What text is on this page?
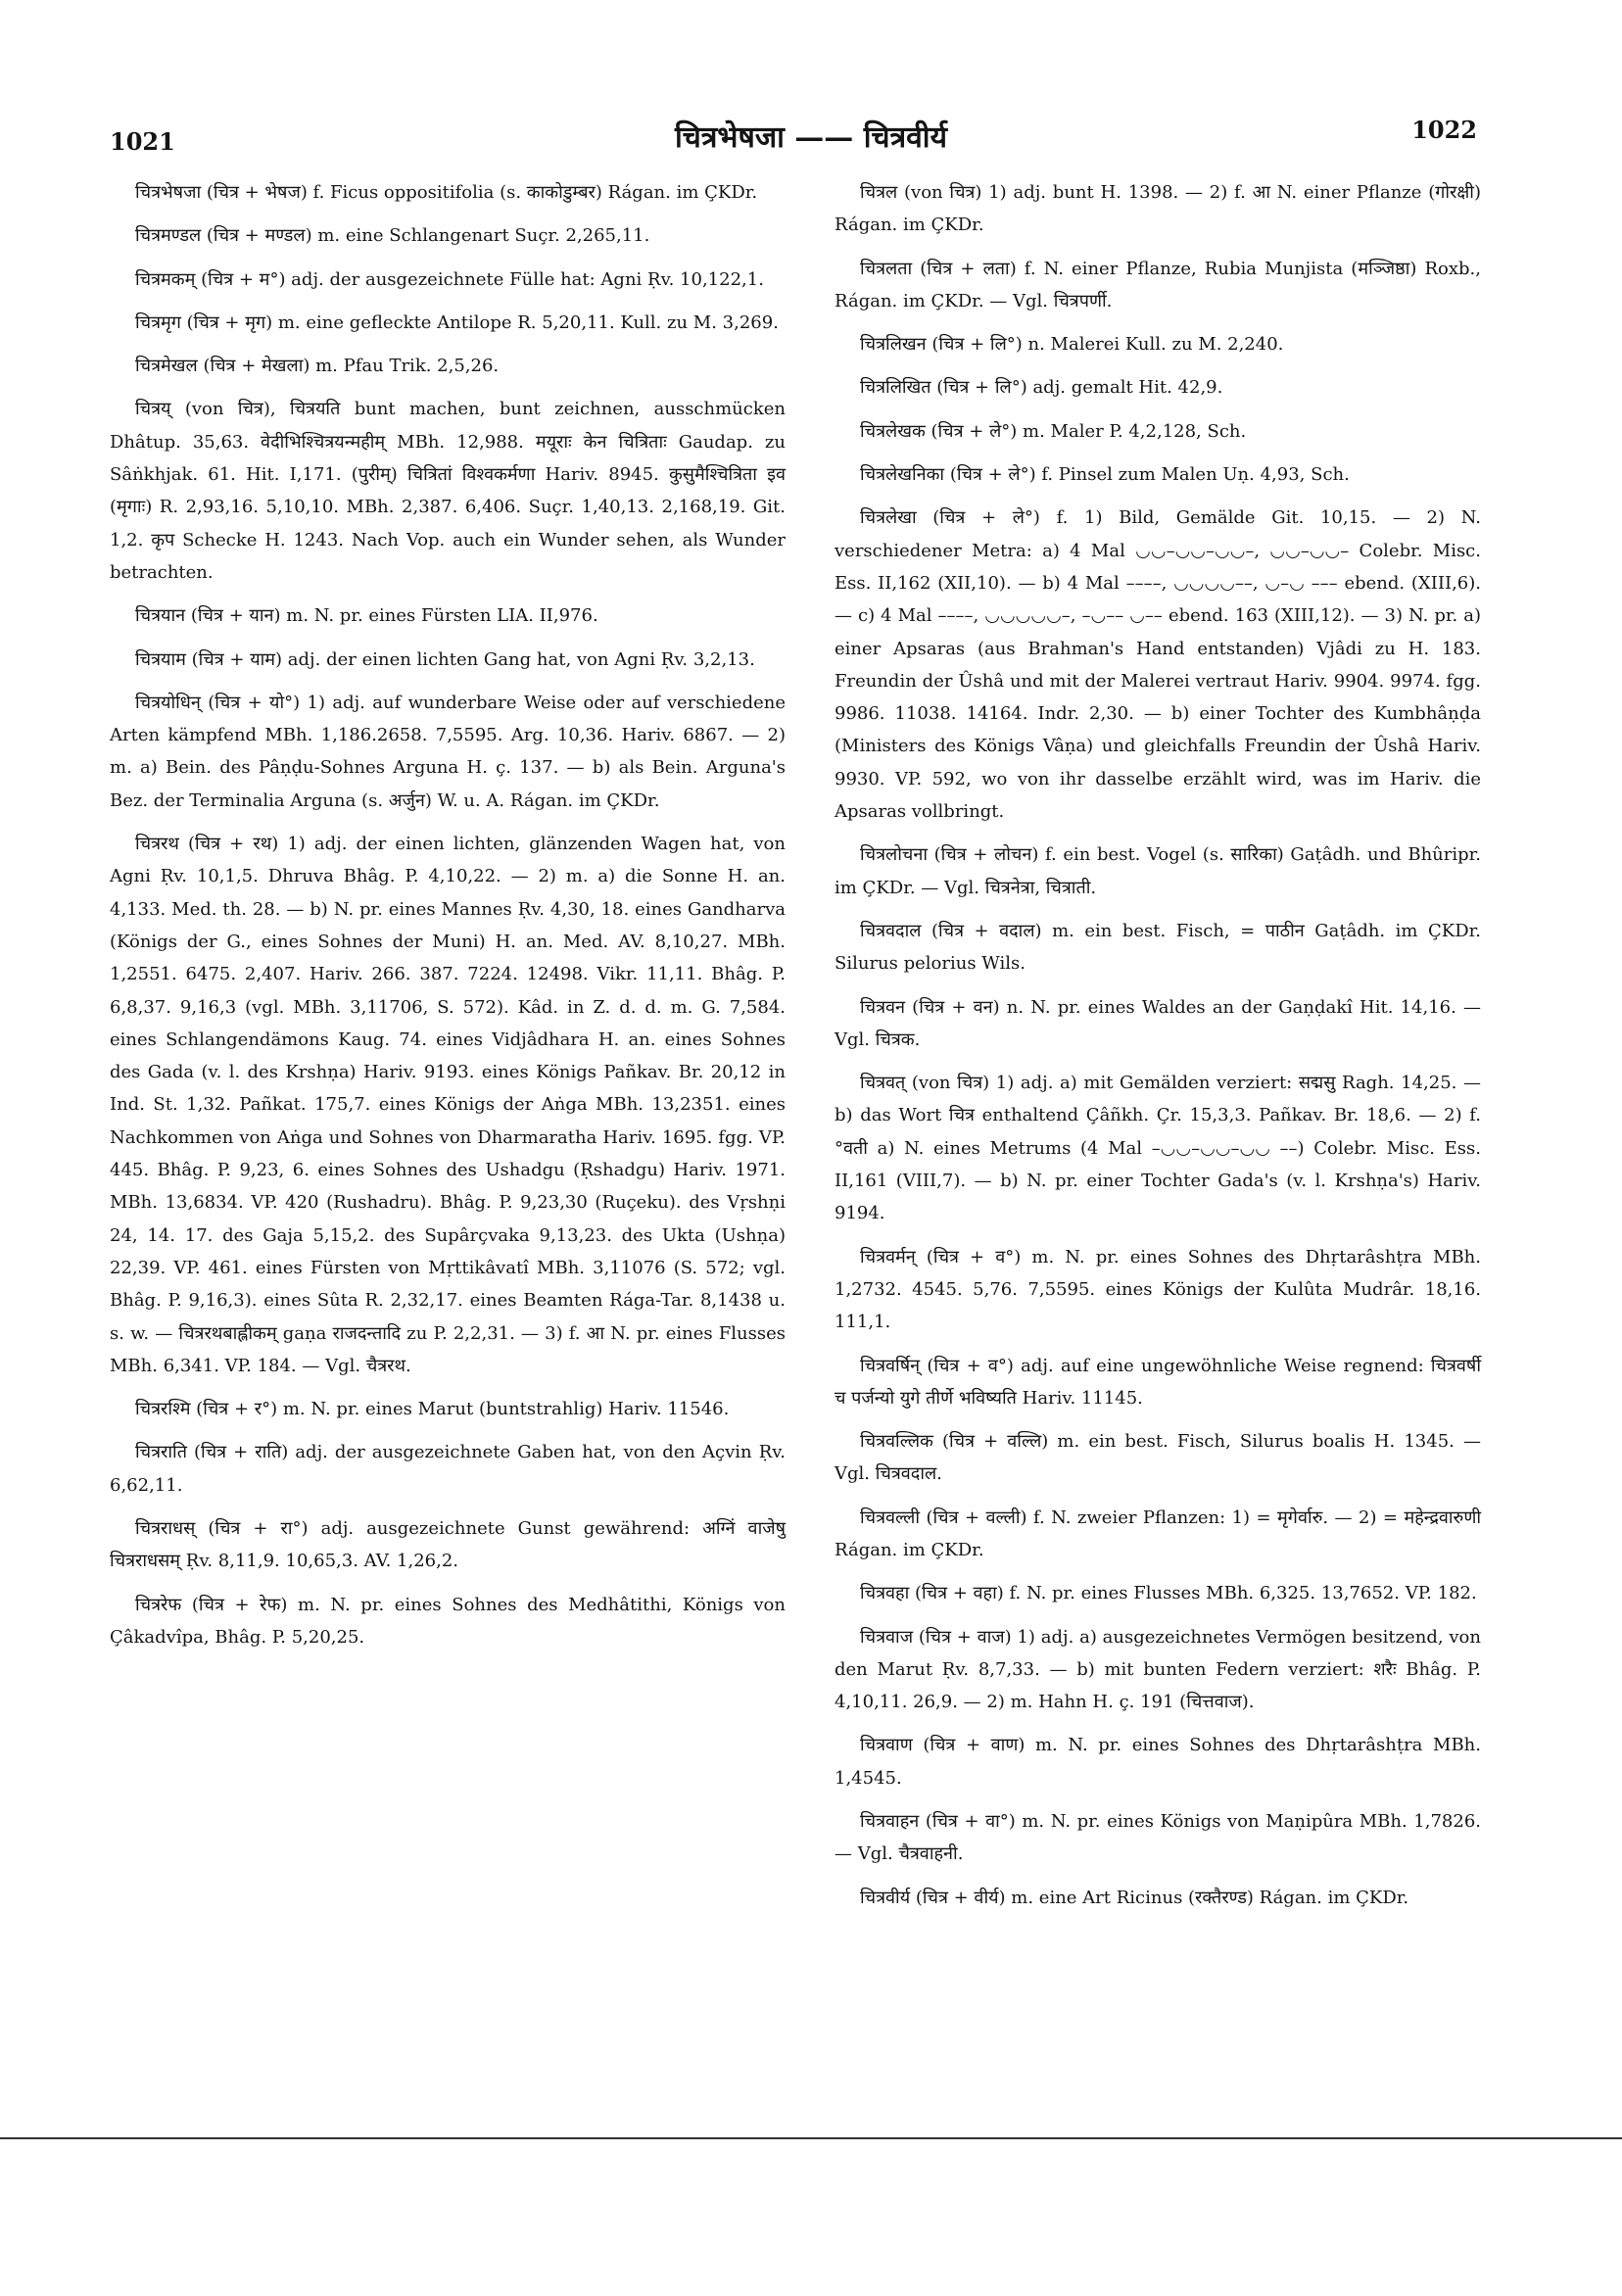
1021	चित्रभेषजा —— चित्रवीर्य	1022

चित्रभेषजा (चित्र + भेषज) f. Ficus oppositifolia (s. काकोडुम्बर) Rágan. im ÇKDr.

चित्रमण्डल (चित्र + मण्डल) m. eine Schlangenart Suçr. 2,265,11.

चित्रमकम् (चित्र + म°) adj. der ausgezeichnete Fülle hat: Agni Ṛv. 10,122,1.

चित्रमृग (चित्र + मृग) m. eine gefleckte Antilope R. 5,20,11. Kull. zu M. 3,269.

चित्रमेखल (चित्र + मेखला) m. Pfau Trik. 2,5,26.

चित्रय् (von चित्र), चित्रयति bunt machen, bunt zeichnen, ausschmücken Dhâtup. 35,63. वेदीभिश्चित्रयन्महीम् MBh. 12,988. मयूराः केन चित्रिताः Gaudap. zu Sâṅkhjak. 61. Hit. I,171. (पुरीम्) चित्रितां विश्वकर्मणा Hariv. 8945. कुसुमैश्चित्रिता इव (मृगाः) R. 2,93,16. 5,10,10. MBh. 2,387. 6,406. Suçr. 1,40,13. 2,168,19. Git. 1,2. कृप Schecke H. 1243. Nach Vop. auch ein Wunder sehen, als Wunder betrachten.

चित्रयान (चित्र + यान) m. N. pr. eines Fürsten LIA. II,976.

चित्रयाम (चित्र + याम) adj. der einen lichten Gang hat, von Agni Ṛv. 3,2,13.

चित्रयोधिन् (चित्र + यो°) 1) adj. auf wunderbare Weise oder auf verschiedene Arten kämpfend MBh. 1,186.2658. 7,5595. Arg. 10,36. Hariv. 6867. — 2) m. a) Bein. des Pâṇḍu-Sohnes Arguna H. ç. 137. — b) als Bein. Arguna's Bez. der Terminalia Arguna (s. अर्जुन) W. u. A. Rágan. im ÇKDr.

चित्ररथ (चित्र + रथ) 1) adj. der einen lichten, glänzenden Wagen hat, von Agni Ṛv. 10,1,5. Dhruva Bhâg. P. 4,10,22. — 2) m. a) die Sonne H. an. 4,133. Med. th. 28. — b) N. pr. eines Mannes Ṛv. 4,30, 18. eines Gandharva (Königs der G., eines Sohnes der Muni) H. an. Med. AV. 8,10,27. MBh. 1,2551. 6475. 2,407. Hariv. 266. 387. 7224. 12498. Vikr. 11,11. Bhâg. P. 6,8,37. 9,16,3 (vgl. MBh. 3,11706, S. 572). Kâd. in Z. d. d. m. G. 7,584. eines Schlangendämons Kaug. 74. eines Vidjâdhara H. an. eines Sohnes des Gada (v. l. des Krshṇa) Hariv. 9193. eines Königs Pañkav. Br. 20,12 in Ind. St. 1,32. Pañkat. 175,7. eines Königs der Aṅga MBh. 13,2351. eines Nachkommen von Aṅga und Sohnes von Dharmaratha Hariv. 1695. fgg. VP. 445. Bhâg. P. 9,23, 6. eines Sohnes des Ushadgu (Ṛshadgu) Hariv. 1971. MBh. 13,6834. VP. 420 (Rushadru). Bhâg. P. 9,23,30 (Ruçeku). des Vṛshṇi 24, 14. 17. des Gaja 5,15,2. des Supârçvaka 9,13,23. des Ukta (Ushṇa) 22,39. VP. 461. eines Fürsten von Mṛttikâvatî MBh. 3,11076 (S. 572; vgl. Bhâg. P. 9,16,3). eines Sûta R. 2,32,17. eines Beamten Rága-Tar. 8,1438 u. s. w. — चित्ररथबाह्लीकम् gaṇa राजदन्तादि zu P. 2,2,31. — 3) f. आ N. pr. eines Flusses MBh. 6,341. VP. 184. — Vgl. चैत्ररथ.

चित्ररश्मि (चित्र + र°) m. N. pr. eines Marut (buntstrahlig) Hariv. 11546.

चित्रराति (चित्र + राति) adj. der ausgezeichnete Gaben hat, von den Açvin Ṛv. 6,62,11.

चित्रराधस् (चित्र + रा°) adj. ausgezeichnete Gunst gewährend: अग्निं वाजेषु चित्रराधसम् Ṛv. 8,11,9. 10,65,3. AV. 1,26,2.

चित्ररेफ (चित्र + रेफ) m. N. pr. eines Sohnes des Medhâtithi, Königs von Çâkadvîpa, Bhâg. P. 5,20,25.

चित्रल (von चित्र) 1) adj. bunt H. 1398. — 2) f. आ N. einer Pflanze (गोरक्षी) Rágan. im ÇKDr.

चित्रलता (चित्र + लता) f. N. einer Pflanze, Rubia Munjista (मञ्जिष्ठा) Roxb., Rágan. im ÇKDr. — Vgl. चित्रपर्णी.

चित्रलिखन (चित्र + लि°) n. Malerei Kull. zu M. 2,240.

चित्रलिखित (चित्र + लि°) adj. gemalt Hit. 42,9.

चित्रलेखक (चित्र + ले°) m. Maler P. 4,2,128, Sch.

चित्रलेखनिका (चित्र + ले°) f. Pinsel zum Malen Uṇ. 4,93, Sch.

चित्रलेखा (चित्र + ले°) f. 1) Bild, Gemälde Git. 10,15. — 2) N. verschiedener Metra: a) 4 Mal ◡◡–◡◡–◡◡–, ◡◡–◡◡– Colebr. Misc. Ess. II,162 (XII,10). — b) 4 Mal ––––, ◡◡◡◡––, ◡–◡ ––– ebend. (XIII,6). — c) 4 Mal ––––, ◡◡◡◡◡–, –◡–– ◡–– ebend. 163 (XIII,12). — 3) N. pr. a) einer Apsaras (aus Brahman's Hand entstanden) Vjâdi zu H. 183. Freundin der Ûshâ und mit der Malerei vertraut Hariv. 9904. 9974. fgg. 9986. 11038. 14164. Indr. 2,30. — b) einer Tochter des Kumbhâṇḍa (Ministers des Königs Vâṇa) und gleichfalls Freundin der Ûshâ Hariv. 9930. VP. 592, wo von ihr dasselbe erzählt wird, was im Hariv. die Apsaras vollbringt.

चित्रलोचना (चित्र + लोचन) f. ein best. Vogel (s. सारिका) Gaṭâdh. und Bhûripr. im ÇKDr. — Vgl. चित्रनेत्रा, चित्राती.

चित्रवदाल (चित्र + वदाल) m. ein best. Fisch, = पाठीन Gaṭâdh. im ÇKDr. Silurus pelorius Wils.

चित्रवन (चित्र + वन) n. N. pr. eines Waldes an der Gaṇḍakî Hit. 14,16. — Vgl. चित्रक.

चित्रवत् (von चित्र) 1) adj. a) mit Gemälden verziert: सद्मसु Ragh. 14,25. — b) das Wort चित्र enthaltend Çâñkh. Çr. 15,3,3. Pañkav. Br. 18,6. — 2) f. °वती a) N. eines Metrums (4 Mal –◡◡–◡◡–◡◡ ––) Colebr. Misc. Ess. II,161 (VIII,7). — b) N. pr. einer Tochter Gada's (v. l. Krshṇa's) Hariv. 9194.

चित्रवर्मन् (चित्र + व°) m. N. pr. eines Sohnes des Dhṛtarâshṭra MBh. 1,2732. 4545. 5,76. 7,5595. eines Königs der Kulûta Mudrâr. 18,16. 111,1.

चित्रवर्षिन् (चित्र + व°) adj. auf eine ungewöhnliche Weise regnend: चित्रवर्षी च पर्जन्यो युगे तीर्णे भविष्यति Hariv. 11145.

चित्रवल्लिक (चित्र + वल्लि) m. ein best. Fisch, Silurus boalis H. 1345. — Vgl. चित्रवदाल.

चित्रवल्ली (चित्र + वल्ली) f. N. zweier Pflanzen: 1) = मृगेर्वारु. — 2) = महेन्द्रवारुणी Rágan. im ÇKDr.

चित्रवहा (चित्र + वहा) f. N. pr. eines Flusses MBh. 6,325. 13,7652. VP. 182.

चित्रवाज (चित्र + वाज) 1) adj. a) ausgezeichnetes Vermögen besitzend, von den Marut Ṛv. 8,7,33. — b) mit bunten Federn verziert: शरैः Bhâg. P. 4,10,11. 26,9. — 2) m. Hahn H. ç. 191 (चित्तवाज).

चित्रवाण (चित्र + वाण) m. N. pr. eines Sohnes des Dhṛtarâshṭra MBh. 1,4545.

चित्रवाहन (चित्र + वा°) m. N. pr. eines Königs von Maṇipûra MBh. 1,7826. — Vgl. चैत्रवाहनी.

चित्रवीर्य (चित्र + वीर्य) m. eine Art Ricinus (रक्तैरण्ड) Rágan. im ÇKDr.
